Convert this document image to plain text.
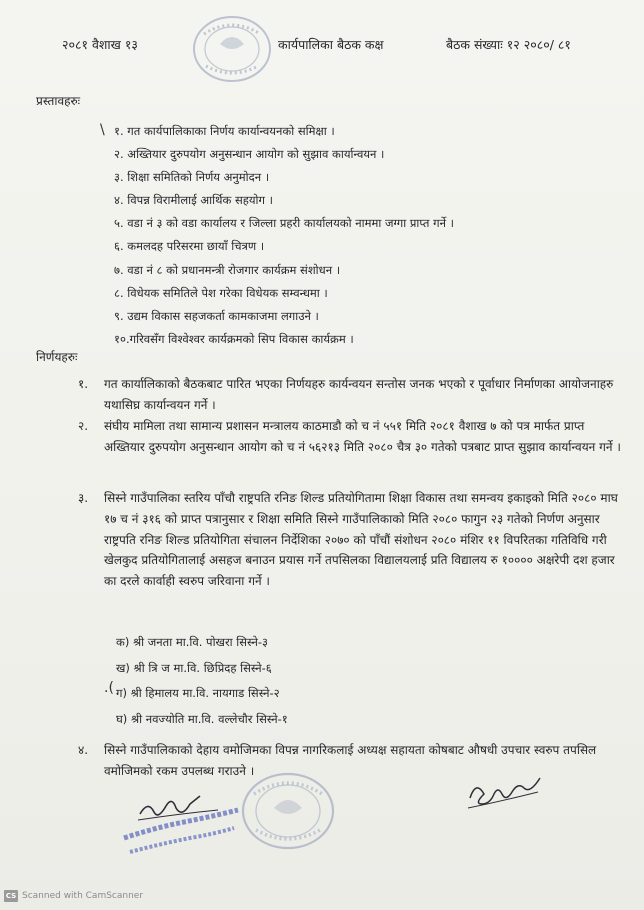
२०८१ वैशाख १३	कार्यपालिका बैठक कक्ष	बैठक संख्याः १२ २०८०/ ८१
प्रस्तावहरुः
\ १. गत कार्यपालिकाका निर्णय कार्यान्वयनको समिक्षा ।
२. अख्तियार दुरुपयोग अनुसन्धान आयोग को सुझाव कार्यान्वयन ।
३. शिक्षा समितिको निर्णय अनुमोदन ।
४. विपन्न विरामीलाई आर्थिक सहयोग ।
५. वडा नं ३ को वडा कार्यालय र जिल्ला प्रहरी कार्यालयको नाममा जग्गा प्राप्त गर्ने ।
६. कमलदह परिसरमा छायाँ चित्रण ।
७. वडा नं ८ को प्रधानमन्त्री रोजगार कार्यक्रम संशोधन ।
८. विधेयक समितिले पेश गरेका विधेयक सम्वन्धमा ।
९. उद्यम विकास सहजकर्ता कामकाजमा लगाउने ।
१०.गरिवसँग विश्वेश्वर कार्यक्रमको सिप विकास कार्यक्रम ।
निर्णयहरुः
१. गत कार्यालिकाको बैठकबाट पारित भएका निर्णयहरु कार्यन्वयन सन्तोस जनक भएको र पूर्वाधार निर्माणका आयोजनाहरु यथासिघ्र कार्यान्वयन गर्ने ।
२. संघीय मामिला तथा सामान्य प्रशासन मन्त्रालय काठमाडौ को च नं ५५१ मिति २०८१ वैशाख ७ को पत्र मार्फत प्राप्त अख्तियार दुरुपयोग अनुसन्धान आयोग को च नं ५६२१३ मिति २०८० चैत्र ३० गतेको पत्रबाट प्राप्त सुझाव कार्यान्वयन गर्ने ।
३. सिस्ने गाउँपालिका स्तरिय पाँचौ राष्ट्रपति रनिङ शिल्ड प्रतियोगितामा शिक्षा विकास तथा समन्वय इकाइको मिति २०८० माघ १७ च नं ३१६ को प्राप्त पत्रानुसार र शिक्षा समिति सिस्ने गाउँपालिकाको मिति २०८० फागुन २३ गतेको निर्णण अनुसार राष्ट्रपति रनिङ शिल्ड प्रतियोगिता संचालन निर्देशिका २०७० को पाँचौं संशोधन २०८० मंशिर ११ विपरितका गतिविधि गरी खेलकुद प्रतियोगितालाई असहज बनाउन प्रयास गर्ने तपसिलका विद्यालयलाई प्रति विद्यालय रु १०००० अक्षरेपी दश हजार का दरले कार्वाही स्वरुप जरिवाना गर्ने ।
.(
क) श्री जनता मा.वि. पोखरा सिस्ने-३
ख) श्री त्रि ज मा.वि. छिप्रिदह सिस्ने-६
ग) श्री हिमालय मा.वि. नायगाड सिस्ने-२
घ) श्री नवज्योति मा.वि. वल्लेचौर सिस्ने-१
४. सिस्ने गाउँपालिकाको देहाय वमोजिमका विपन्न नागरिकलाई अध्यक्ष सहायता कोषबाट औषधी उपचार स्वरुप तपसिल वमोजिमको रकम उपलब्ध गराउने ।
CS Scanned with CamScanner
